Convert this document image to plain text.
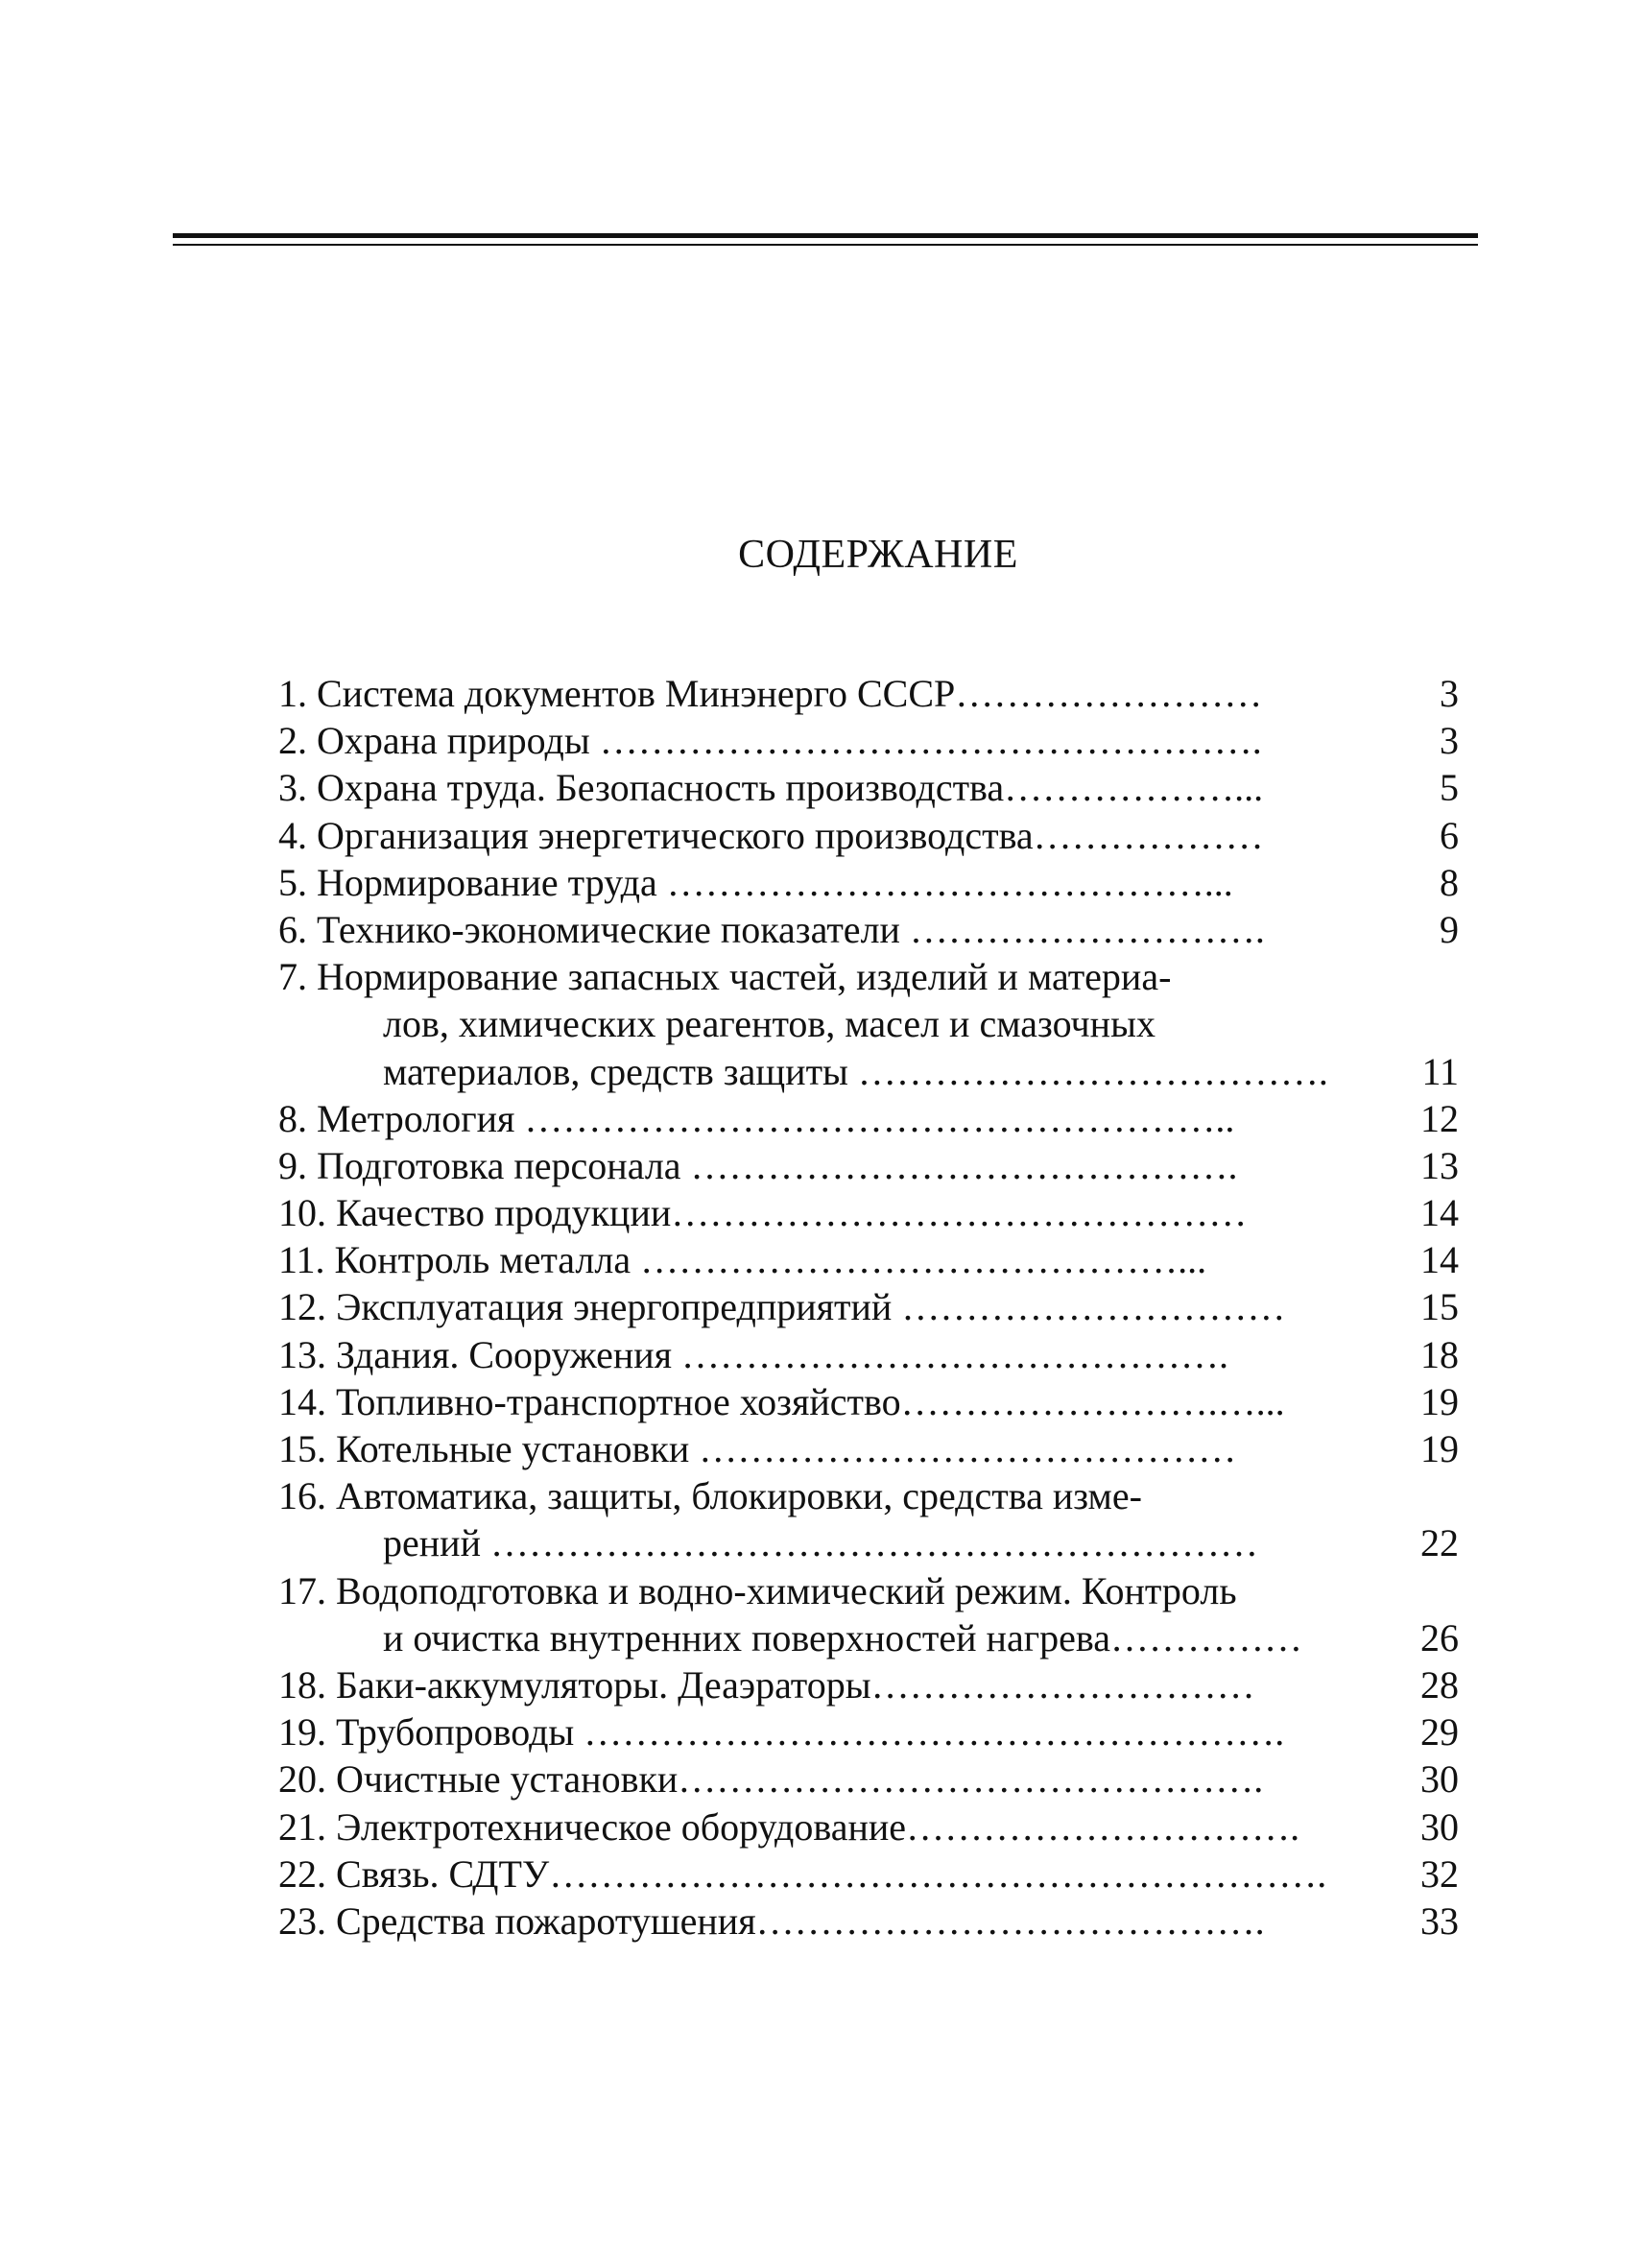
СОДЕРЖАНИЕ
1. Система документов Минэнерго СССР……………………	3
2. Охрана природы …………………………………………….	3
3. Охрана труда. Безопасность производства………………...	5
4. Организация энергетического производства………………	6
5. Нормирование труда ……………………………………...	8
6. Технико-экономические показатели ……………………….	9
7. Нормирование запасных частей, изделий и материа-
лов, химических реагентов, масел и смазочных
материалов, средств защиты ……………………………….	11
8. Метрология ………………………………………………..	12
9. Подготовка персонала …………………………………….	13
10. Качество продукции………………………………………	14
11. Контроль металла ……………………………………...	14
12. Эксплуатация энергопредприятий …………………………	15
13. Здания. Сооружения …………………………………….	18
14. Топливно-транспортное хозяйство…………………….…...	19
15. Котельные установки ……………………………………	19
16. Автоматика, защиты, блокировки, средства изме-
рений ……………………………………………………	22
17. Водоподготовка и водно-химический режим. Контроль
и очистка внутренних поверхностей нагрева……………	26
18. Баки-аккумуляторы. Деаэраторы…………………………	28
19. Трубопроводы ……………………………………………….	29
20. Очистные установки……………………………………….	30
21. Электротехническое оборудование………………………….	30
22. Связь. СДТУ…………………………………………………….	32
23. Средства пожаротушения………………………………….	33
